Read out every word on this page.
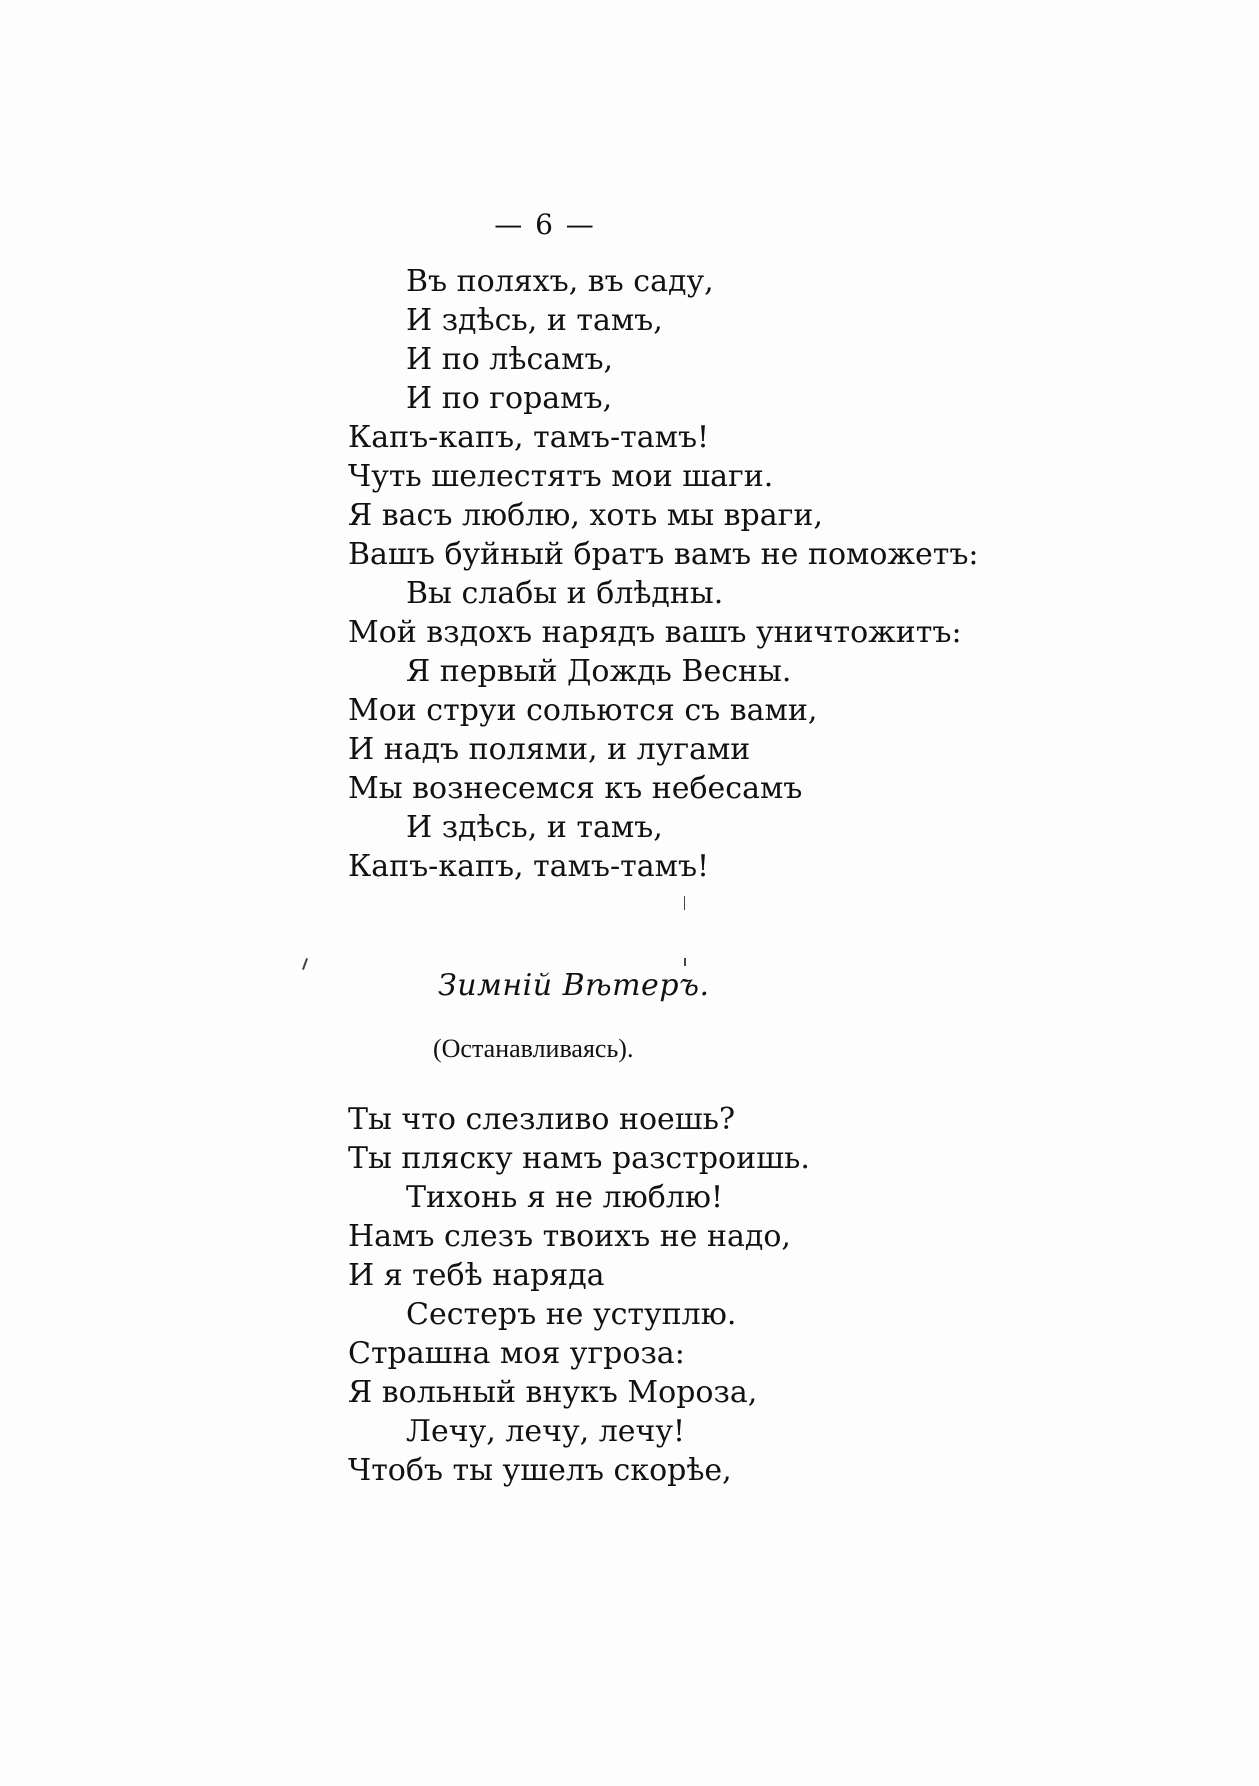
— 6 —
Въ поляхъ, въ саду,
И здѣсь, и тамъ,
И по лѣсамъ,
И по горамъ,
Капъ-капъ, тамъ-тамъ!
Чуть шелестятъ мои шаги.
Я васъ люблю, хоть мы враги,
Вашъ буйный братъ вамъ не поможетъ:
Вы слабы и блѣдны.
Мой вздохъ нарядъ вашъ уничтожитъ:
Я первый Дождь Весны.
Мои струи сольются съ вами,
И надъ полями, и лугами
Мы вознесемся къ небесамъ
И здѣсь, и тамъ,
Капъ-капъ, тамъ-тамъ!
Зимній Вѣтеръ.
(Останавливаясь).
Ты что слезливо ноешь?
Ты пляску намъ разстроишь.
Тихонь я не люблю!
Намъ слезъ твоихъ не надо,
И я тебѣ наряда
Сестеръ не уступлю.
Страшна моя угроза:
Я вольный внукъ Мороза,
Лечу, лечу, лечу!
Чтобъ ты ушелъ скорѣе,
